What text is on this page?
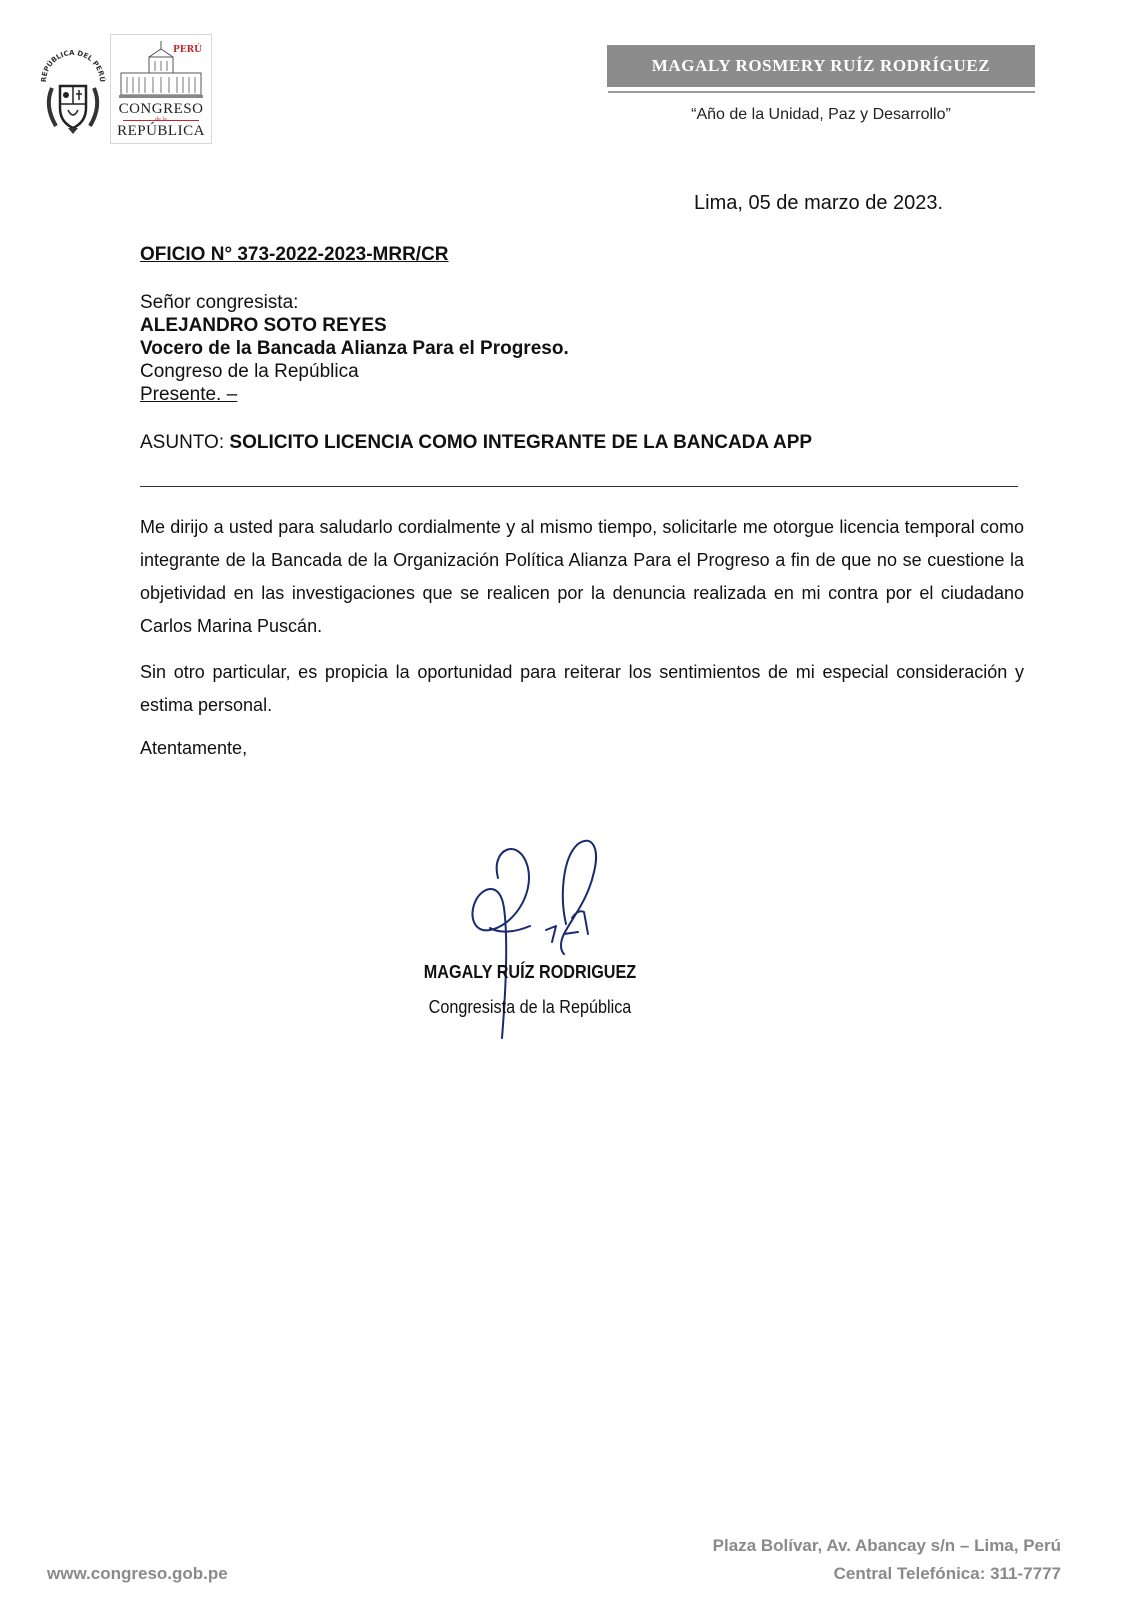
REPÚBLICA DEL PERÚ
PERÚ
CONGRESO
de la
REPÚBLICA
MAGALY ROSMERY RUÍZ RODRÍGUEZ
“Año de la Unidad, Paz y Desarrollo”
Lima, 05 de marzo de 2023.
OFICIO N° 373-2022-2023-MRR/CR
Señor congresista:
ALEJANDRO SOTO REYES
Vocero de la Bancada Alianza Para el Progreso.
Congreso de la República
Presente. –
ASUNTO: SOLICITO LICENCIA COMO INTEGRANTE DE LA BANCADA APP
Me dirijo a usted para saludarlo cordialmente y al mismo tiempo, solicitarle me otorgue licencia temporal como integrante de la Bancada de la Organización Política Alianza Para el Progreso a fin de que no se cuestione la objetividad en las investigaciones que se realicen por la denuncia realizada en mi contra por el ciudadano Carlos Marina Puscán.
Sin otro particular, es propicia la oportunidad para reiterar los sentimientos de mi especial consideración y estima personal.
Atentamente,
MAGALY RUÍZ RODRIGUEZ
Congresista de la República
Plaza Bolívar, Av. Abancay s/n – Lima, Perú
www.congreso.gob.pe	Central Telefónica: 311-7777
